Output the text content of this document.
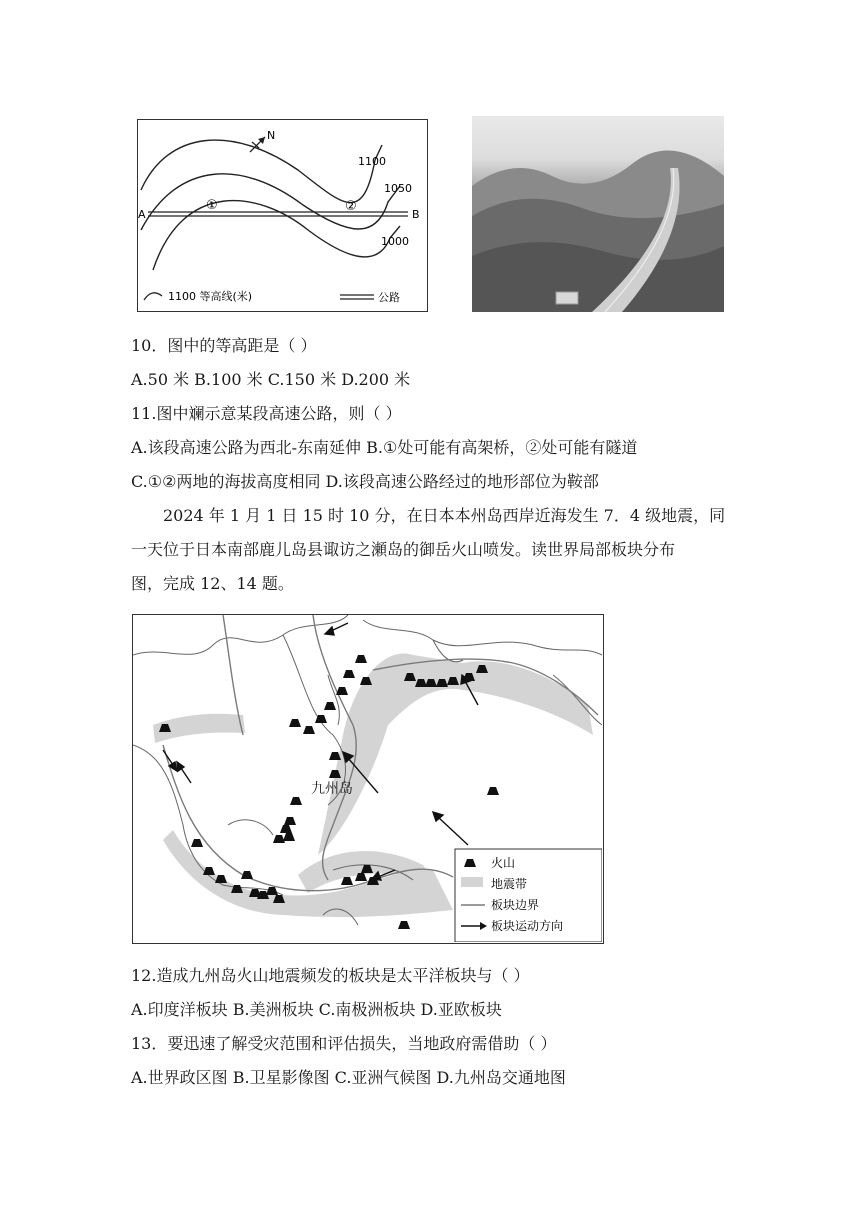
N
A	B
①	②
1100
1050
1000
1100 等高线(米)	公路
10．图中的等高距是（ ）
A.50 米 B.100 米 C.150 米 D.200 米
11.图中斓示意某段高速公路，则（ ）
A.该段高速公路为西北-东南延伸 B.①处可能有高架桥，②处可能有隧道
C.①②两地的海拔高度相同 D.该段高速公路经过的地形部位为鞍部
2024 年 1 月 1 日 15 时 10 分，在日本本州岛西岸近海发生 7．4 级地震，同
一天位于日本南部鹿儿岛县诹访之瀬岛的御岳火山喷发。读世界局部板块分布
图，完成 12、14 题。
九州岛
火山
地震带
板块边界
板块运动方向
12.造成九州岛火山地震频发的板块是太平洋板块与（ ）
A.印度洋板块 B.美洲板块 C.南极洲板块 D.亚欧板块
13．要迅速了解受灾范围和评估损失，当地政府需借助（ ）
A.世界政区图 B.卫星影像图 C.亚洲气候图 D.九州岛交通地图
